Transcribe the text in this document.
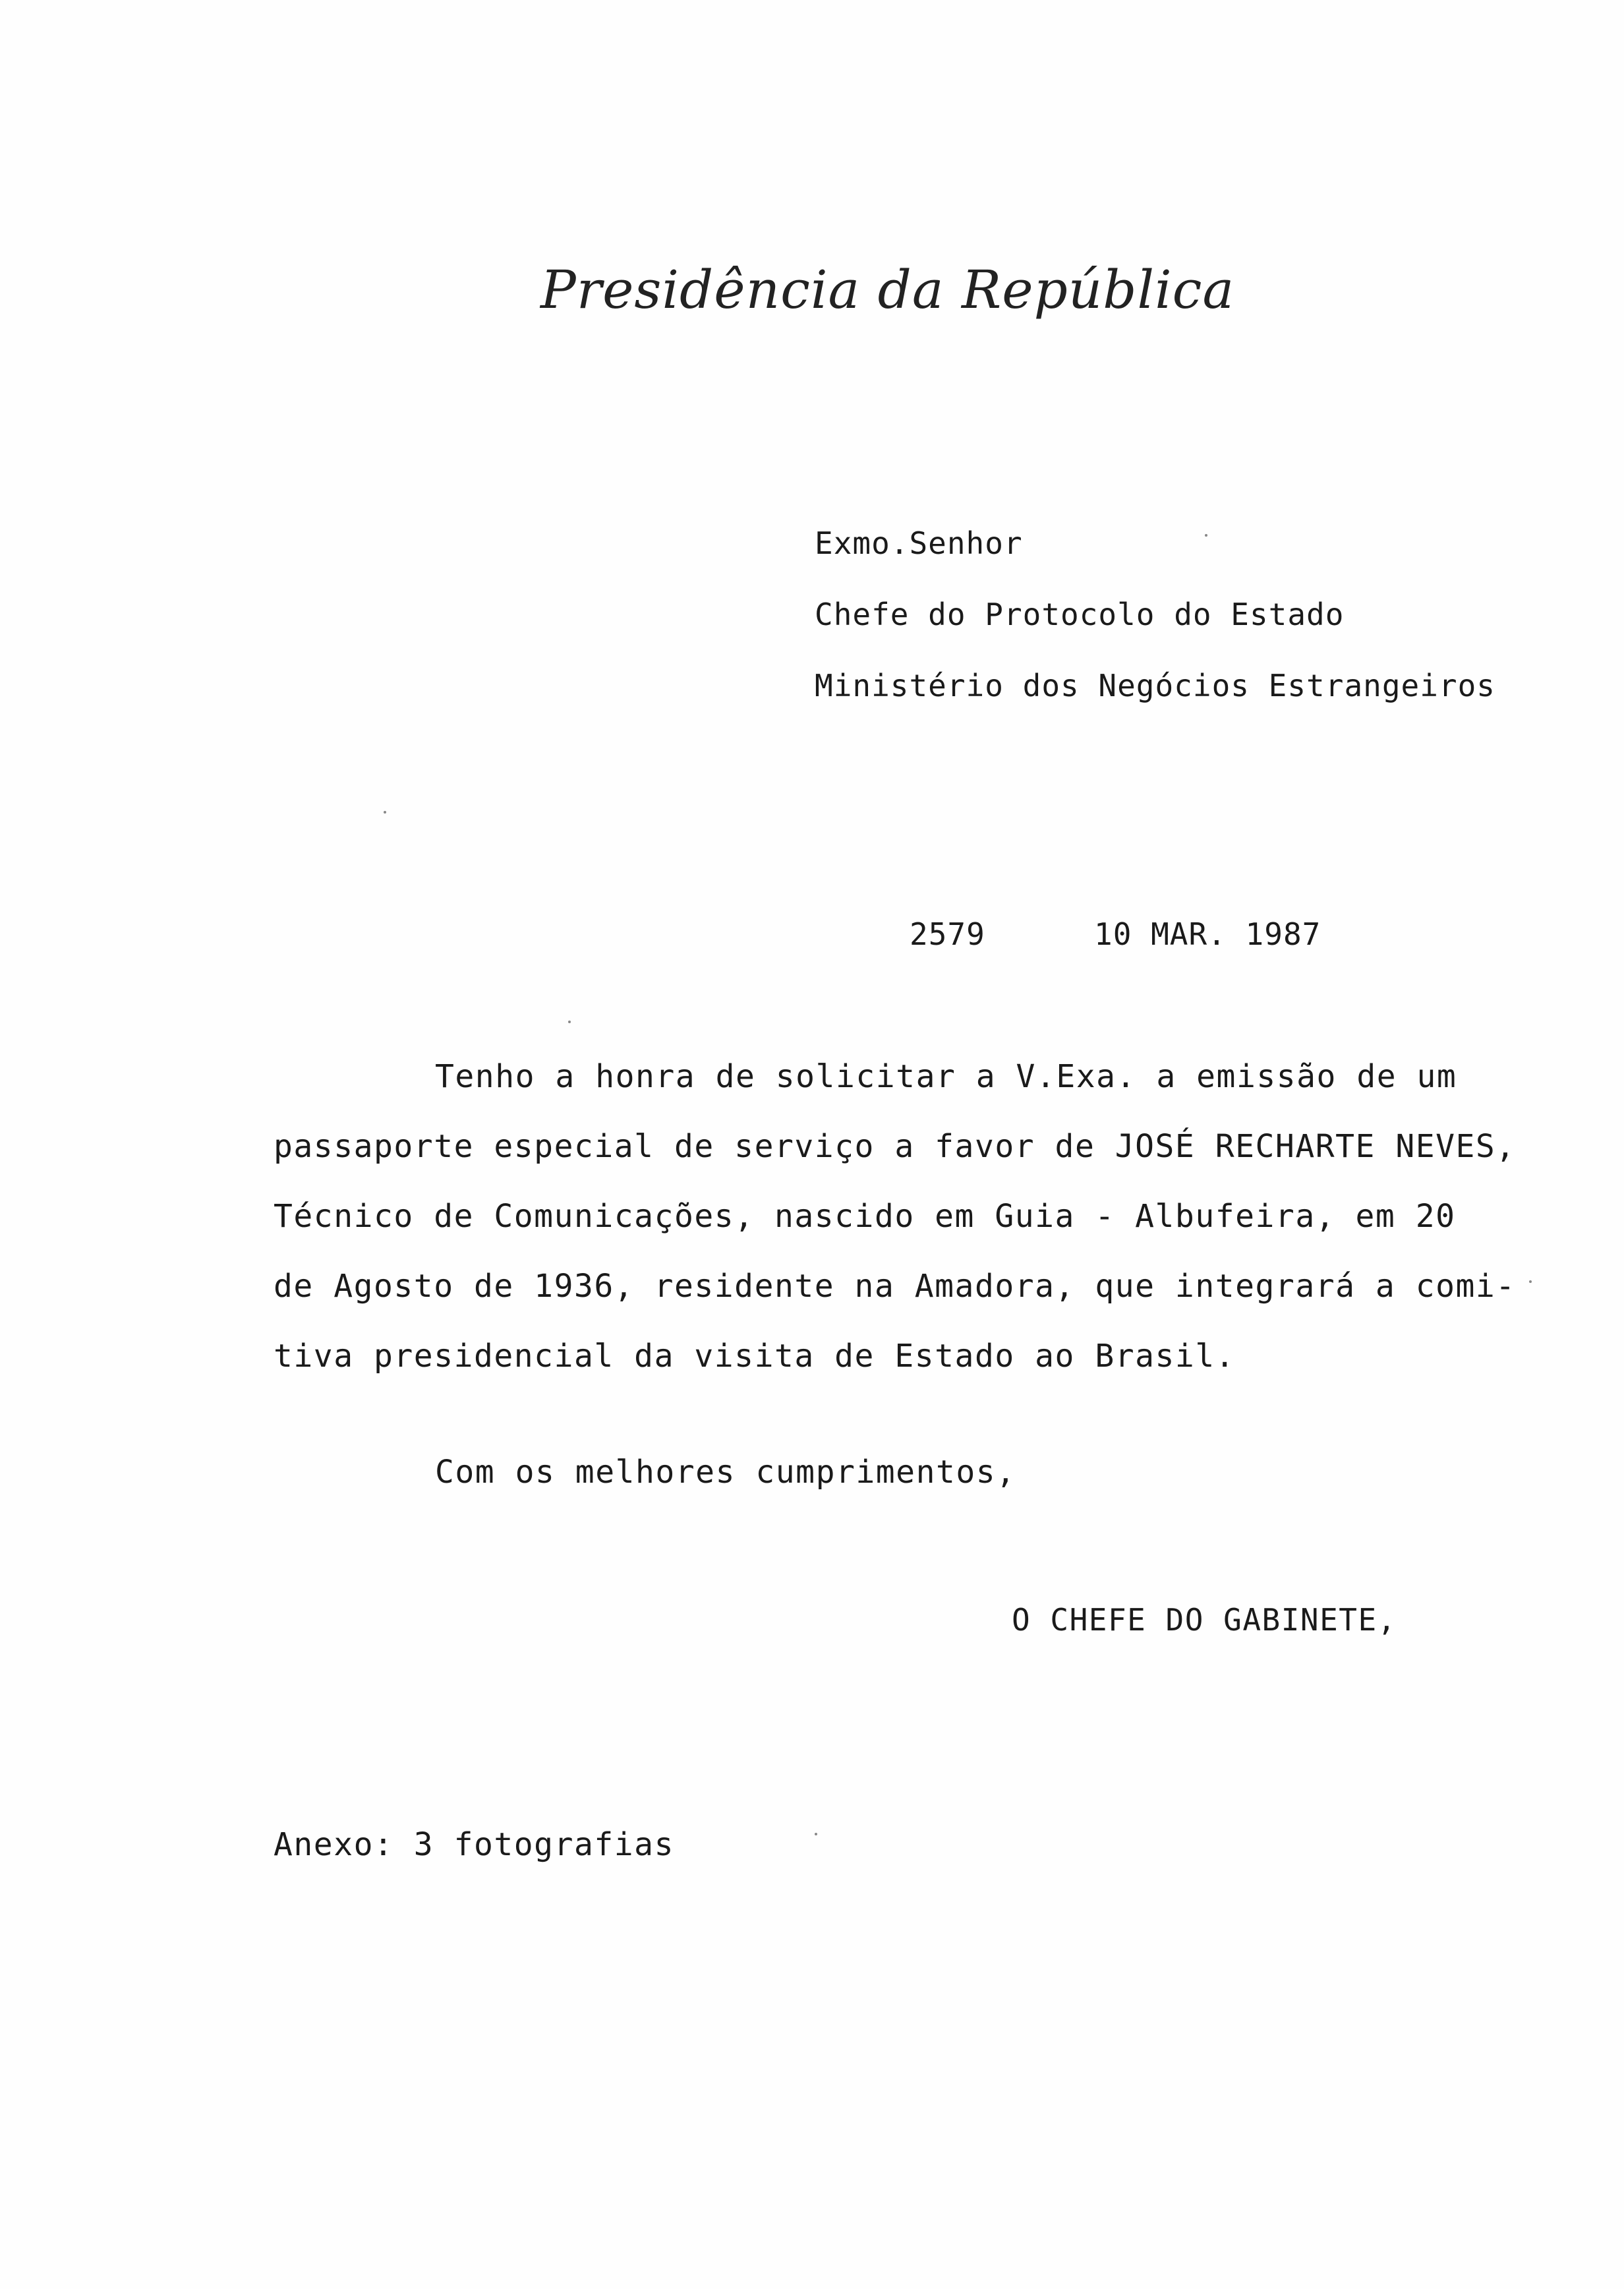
Presidência da República
Exmo.Senhor
Chefe do Protocolo do Estado
Ministério dos Negócios Estrangeiros
2579	10 MAR. 1987
Tenho a honra de solicitar a V.Exa. a emissão de um
passaporte especial de serviço a favor de JOSÉ RECHARTE NEVES,
Técnico de Comunicações, nascido em Guia - Albufeira, em 20
de Agosto de 1936, residente na Amadora, que integrará a comi-
tiva presidencial da visita de Estado ao Brasil.
Com os melhores cumprimentos,
O CHEFE DO GABINETE,
Anexo: 3 fotografias
